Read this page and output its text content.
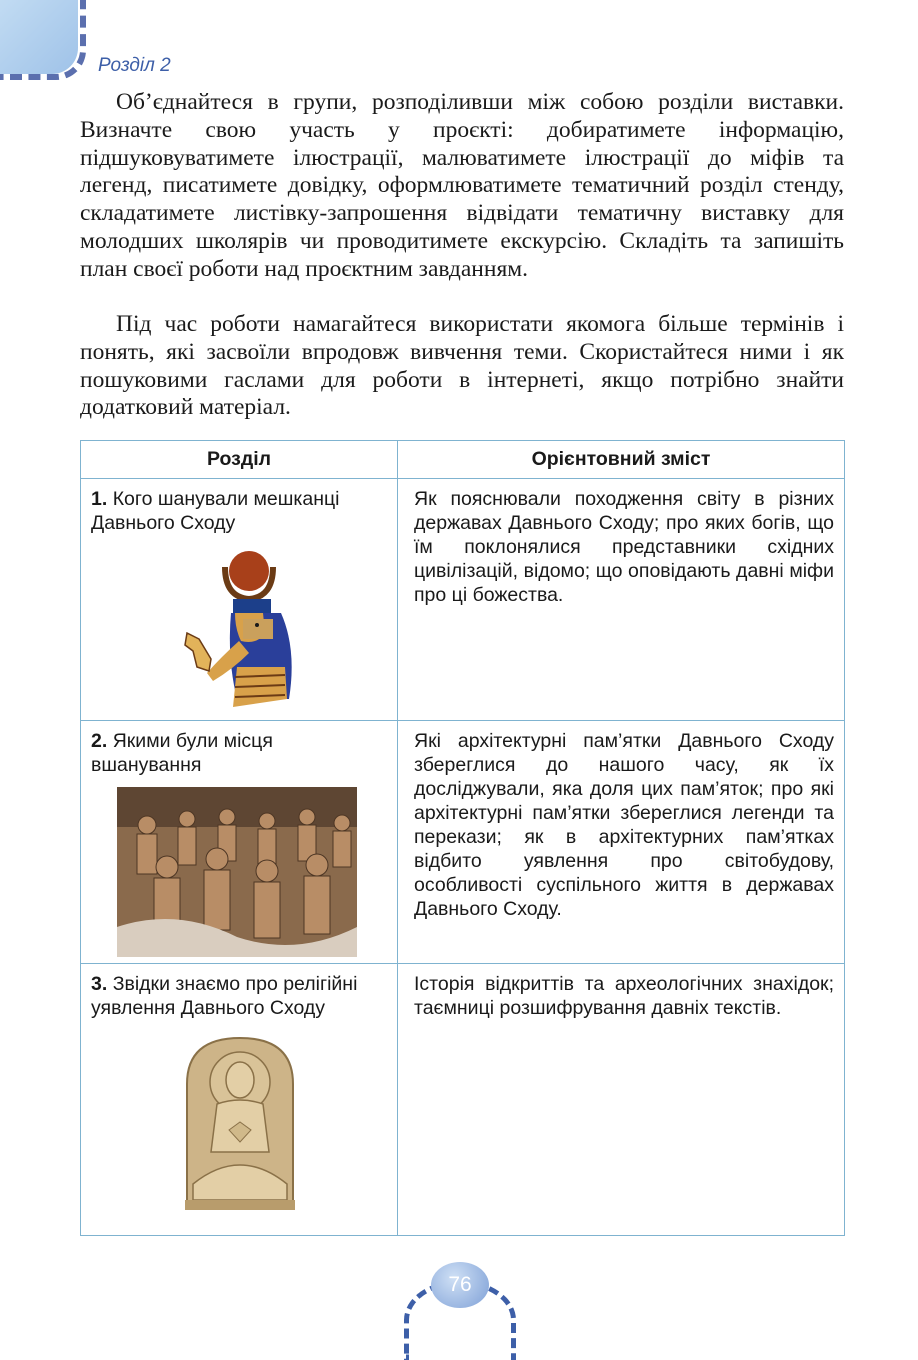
Розділ 2

Об’єднайтеся в групи, розподіливши між собою розділи виставки. Визначте свою участь у проєкті: добиратимете інформацію, підшуковуватимете ілюстрації, малюватимете ілюстрації до міфів та легенд, писатимете довідку, оформлюватимете тематичний розділ стенду, складатимете листівку-запрошення відвідати тематичну виставку для молодших школярів чи проводитимете екскурсію. Складіть та запишіть план своєї роботи над проєктним завданням.

Під час роботи намагайтеся використати якомога більше термінів і понять, які засвоїли впродовж вивчення теми. Скористайтеся ними і як пошуковими гаслами для роботи в інтернеті, якщо потрібно знайти додатковий матеріал.

Розділ	Орієнтовний зміст
1. Кого шанували мешканці Давнього Сходу	Як пояснювали походження світу в різних державах Давнього Сходу; про яких богів, що їм поклонялися представники східних цивілізацій, відомо; що оповідають давні міфи про ці божества.
2. Якими були місця вшанування	Які архітектурні пам’ятки Давнього Сходу збереглися до нашого часу, як їх досліджували, яка доля цих пам’яток; про які архітектурні пам’ятки збереглися легенди та перекази; як в архітектурних пам’ятках відбито уявлення про світобудову, особливості суспільного життя в державах Давнього Сходу.
3. Звідки знаємо про релігійні уявлення Давнього Сходу	Історія відкриттів та археологічних знахідок; таємниці розшифрування давніх текстів.
76
